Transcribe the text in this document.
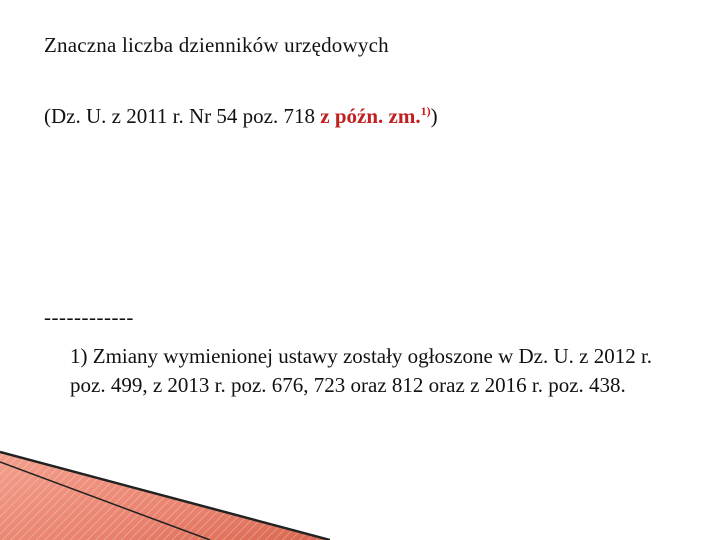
Znaczna liczba dzienników urzędowych
(Dz. U. z 2011 r. Nr 54 poz. 718 z późn. zm.$^{1)}$)
------------
1) Zmiany wymienionej ustawy zostały ogłoszone w Dz. U. z 2012 r. poz. 499, z 2013 r. poz. 676, 723 oraz 812 oraz z 2016 r. poz. 438.
